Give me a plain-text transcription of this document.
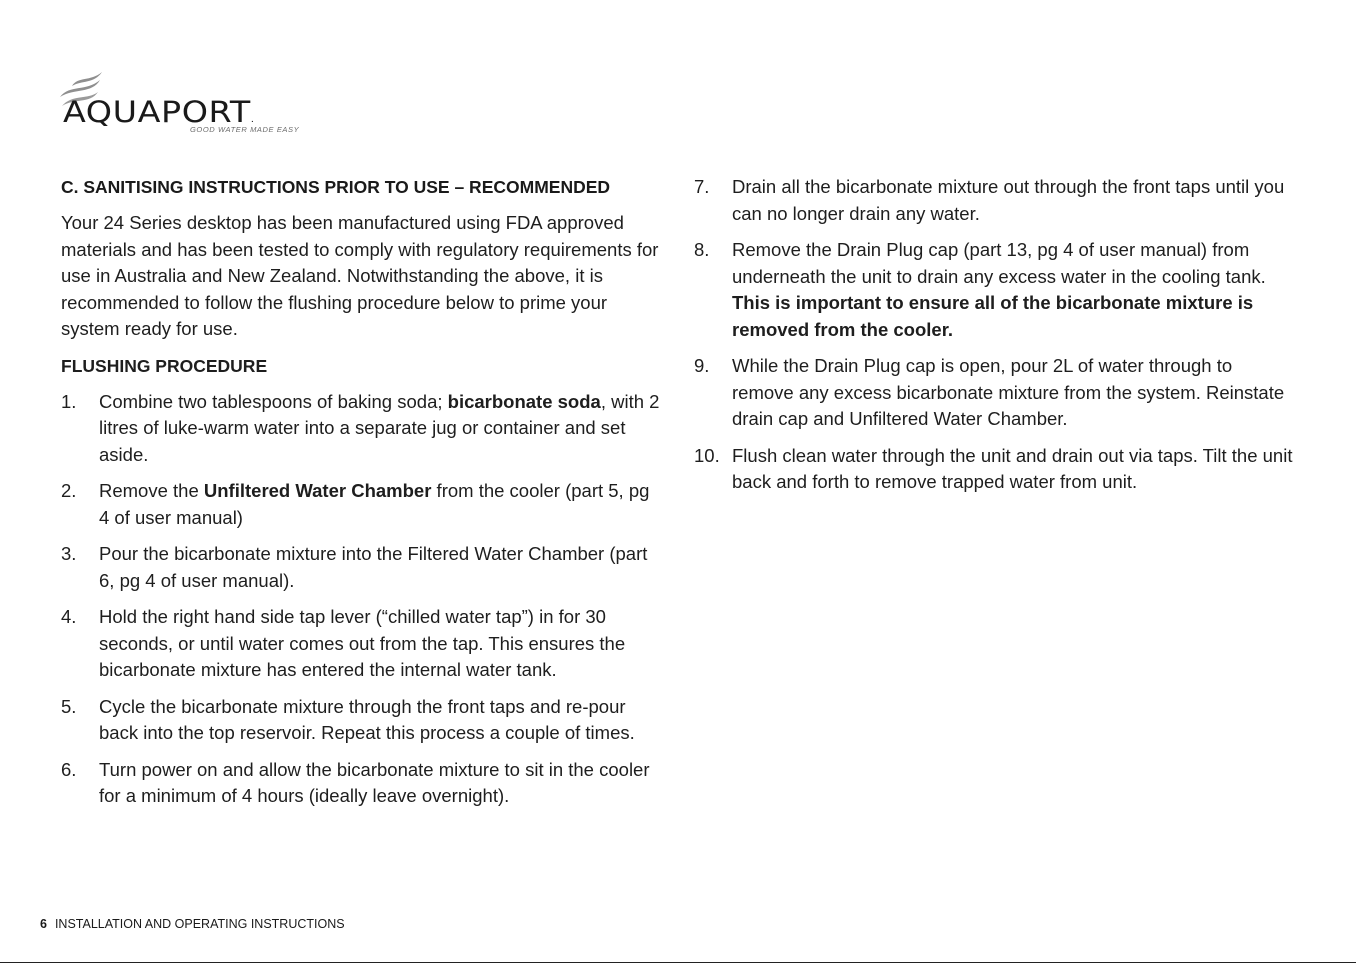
AQUAPORT.
GOOD WATER MADE EASY
C. SANITISING INSTRUCTIONS PRIOR TO USE – RECOMMENDED

Your 24 Series desktop has been manufactured using FDA approved materials and has been tested to comply with regulatory requirements for use in Australia and New Zealand. Notwithstanding the above, it is recommended to follow the flushing procedure below to prime your system ready for use.

FLUSHING PROCEDURE
1. Combine two tablespoons of baking soda; bicarbonate soda, with 2 litres of luke-warm water into a separate jug or container and set aside.
2. Remove the Unfiltered Water Chamber from the cooler (part 5, pg 4 of user manual)
3. Pour the bicarbonate mixture into the Filtered Water Chamber (part 6, pg 4 of user manual).
4. Hold the right hand side tap lever (“chilled water tap”) in for 30 seconds, or until water comes out from the tap. This ensures the bicarbonate mixture has entered the internal water tank.
5. Cycle the bicarbonate mixture through the front taps and re-pour back into the top reservoir. Repeat this process a couple of times.
6. Turn power on and allow the bicarbonate mixture to sit in the cooler for a minimum of 4 hours (ideally leave overnight).
7. Drain all the bicarbonate mixture out through the front taps until you can no longer drain any water.
8. Remove the Drain Plug cap (part 13, pg 4 of user manual) from underneath the unit to drain any excess water in the cooling tank. This is important to ensure all of the bicarbonate mixture is removed from the cooler.
9. While the Drain Plug cap is open, pour 2L of water through to remove any excess bicarbonate mixture from the system. Reinstate drain cap and Unfiltered Water Chamber.
10. Flush clean water through the unit and drain out via taps. Tilt the unit back and forth to remove trapped water from unit.
6 INSTALLATION AND OPERATING INSTRUCTIONS
